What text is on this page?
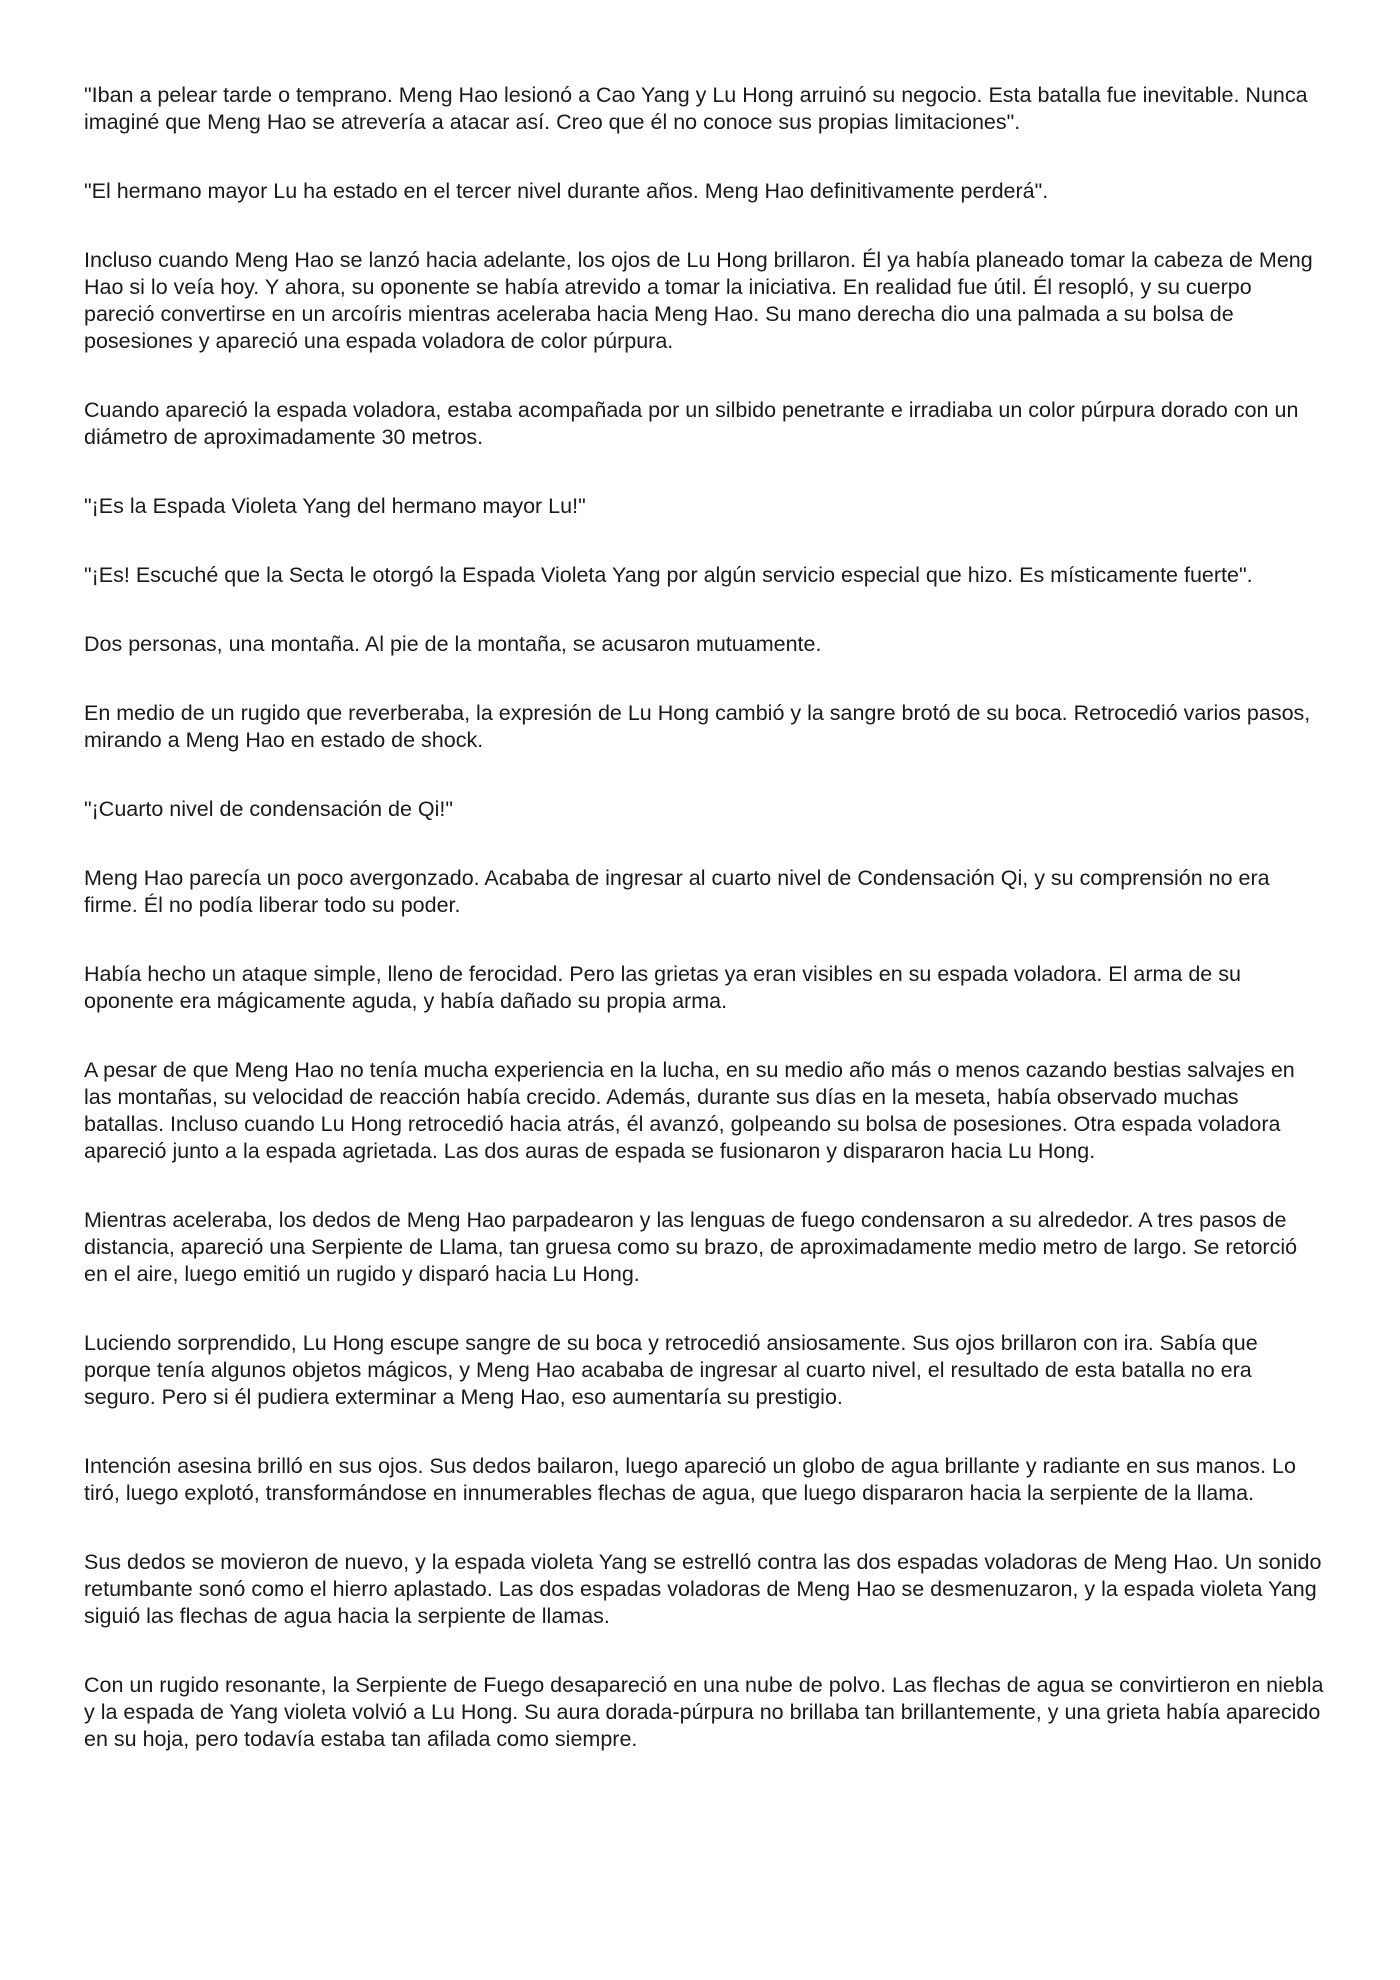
"Iban a pelear tarde o temprano. Meng Hao lesionó a Cao Yang y Lu Hong arruinó su negocio. Esta batalla fue inevitable. Nunca imaginé que Meng Hao se atrevería a atacar así. Creo que él no conoce sus propias limitaciones".

"El hermano mayor Lu ha estado en el tercer nivel durante años. Meng Hao definitivamente perderá".

Incluso cuando Meng Hao se lanzó hacia adelante, los ojos de Lu Hong brillaron. Él ya había planeado tomar la cabeza de Meng Hao si lo veía hoy. Y ahora, su oponente se había atrevido a tomar la iniciativa. En realidad fue útil. Él resopló, y su cuerpo pareció convertirse en un arcoíris mientras aceleraba hacia Meng Hao. Su mano derecha dio una palmada a su bolsa de posesiones y apareció una espada voladora de color púrpura.

Cuando apareció la espada voladora, estaba acompañada por un silbido penetrante e irradiaba un color púrpura dorado con un diámetro de aproximadamente 30 metros.

"¡Es la Espada Violeta Yang del hermano mayor Lu!"

"¡Es! Escuché que la Secta le otorgó la Espada Violeta Yang por algún servicio especial que hizo. Es místicamente fuerte".

Dos personas, una montaña. Al pie de la montaña, se acusaron mutuamente.

En medio de un rugido que reverberaba, la expresión de Lu Hong cambió y la sangre brotó de su boca. Retrocedió varios pasos, mirando a Meng Hao en estado de shock.

"¡Cuarto nivel de condensación de Qi!"

Meng Hao parecía un poco avergonzado. Acababa de ingresar al cuarto nivel de Condensación Qi, y su comprensión no era firme. Él no podía liberar todo su poder.

Había hecho un ataque simple, lleno de ferocidad. Pero las grietas ya eran visibles en su espada voladora. El arma de su oponente era mágicamente aguda, y había dañado su propia arma.

A pesar de que Meng Hao no tenía mucha experiencia en la lucha, en su medio año más o menos cazando bestias salvajes en las montañas, su velocidad de reacción había crecido. Además, durante sus días en la meseta, había observado muchas batallas. Incluso cuando Lu Hong retrocedió hacia atrás, él avanzó, golpeando su bolsa de posesiones. Otra espada voladora apareció junto a la espada agrietada. Las dos auras de espada se fusionaron y dispararon hacia Lu Hong.

Mientras aceleraba, los dedos de Meng Hao parpadearon y las lenguas de fuego condensaron a su alrededor. A tres pasos de distancia, apareció una Serpiente de Llama, tan gruesa como su brazo, de aproximadamente medio metro de largo. Se retorció en el aire, luego emitió un rugido y disparó hacia Lu Hong.

Luciendo sorprendido, Lu Hong escupe sangre de su boca y retrocedió ansiosamente. Sus ojos brillaron con ira. Sabía que porque tenía algunos objetos mágicos, y Meng Hao acababa de ingresar al cuarto nivel, el resultado de esta batalla no era seguro. Pero si él pudiera exterminar a Meng Hao, eso aumentaría su prestigio.

Intención asesina brilló en sus ojos. Sus dedos bailaron, luego apareció un globo de agua brillante y radiante en sus manos. Lo tiró, luego explotó, transformándose en innumerables flechas de agua, que luego dispararon hacia la serpiente de la llama.

Sus dedos se movieron de nuevo, y la espada violeta Yang se estrelló contra las dos espadas voladoras de Meng Hao. Un sonido retumbante sonó como el hierro aplastado. Las dos espadas voladoras de Meng Hao se desmenuzaron, y la espada violeta Yang siguió las flechas de agua hacia la serpiente de llamas.

Con un rugido resonante, la Serpiente de Fuego desapareció en una nube de polvo. Las flechas de agua se convirtieron en niebla y la espada de Yang violeta volvió a Lu Hong. Su aura dorada-púrpura no brillaba tan brillantemente, y una grieta había aparecido en su hoja, pero todavía estaba tan afilada como siempre.
